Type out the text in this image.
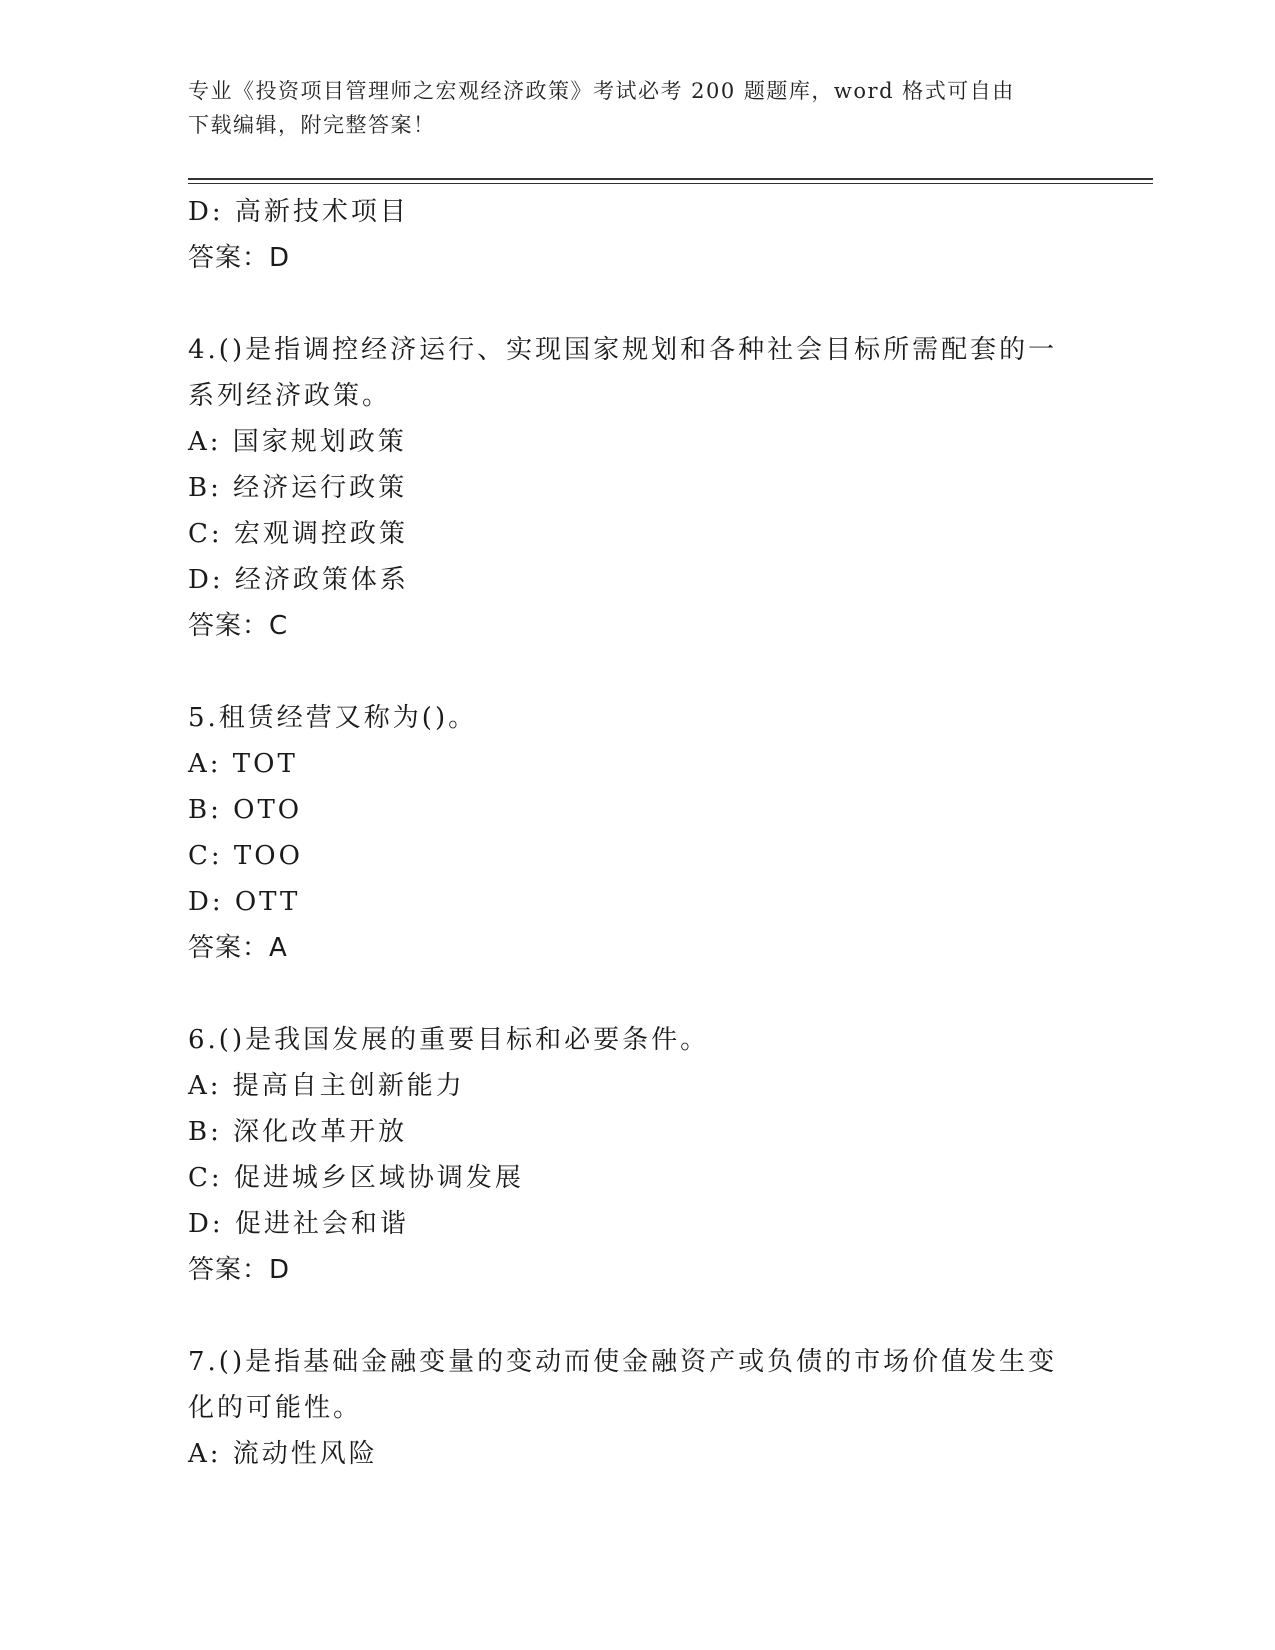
专业《投资项目管理师之宏观经济政策》考试必考 200 题题库，word 格式可自由
下载编辑，附完整答案！
D: 高新技术项目
答案：D
4.()是指调控经济运行、实现国家规划和各种社会目标所需配套的一
系列经济政策。
A: 国家规划政策
B: 经济运行政策
C: 宏观调控政策
D: 经济政策体系
答案：C
5.租赁经营又称为()。
A: TOT
B: OTO
C: TOO
D: OTT
答案：A
6.()是我国发展的重要目标和必要条件。
A: 提高自主创新能力
B: 深化改革开放
C: 促进城乡区域协调发展
D: 促进社会和谐
答案：D
7.()是指基础金融变量的变动而使金融资产或负债的市场价值发生变
化的可能性。
A: 流动性风险
